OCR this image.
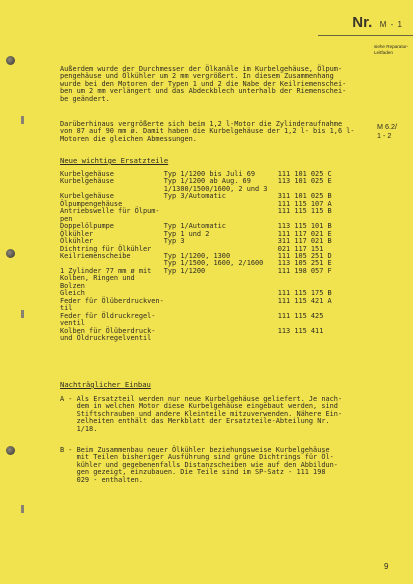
Nr. M - 1
siehe Reparatur-Leitfaden
M 6.2/
1 - 2
Außerdem wurde der Durchmesser der Ölkanäle im Kurbelgehäuse, Ölpum-
pengehäuse und Ölkühler um 2 mm vergrößert. In diesem Zusammenhang
wurde bei den Motoren der Typen 1 und 2 die Nabe der Keilriemenschei-
ben um 2 mm verlängert und das Abdeckblech unterhalb der Riemenschei-
be geändert.
Darüberhinaus vergrößerte sich beim 1,2 l-Motor die Zylinderaufnahme
von 87 auf 90 mm ø. Damit haben die Kurbelgehäuse der 1,2 l- bis 1,6 l-
Motoren die gleichen Abmessungen.
Neue wichtige Ersatzteile
Kurbelgehäuse	Typ 1/1200 bis Juli 69	111 101 025 C
Kurbelgehäuse	Typ 1/1200 ab Aug. 69
1/1300/1500/1600, 2 und 3	113 101 025 E
Kurbelgehäuse	Typ 3/Automatic	311 101 025 B
Ölpumpengehäuse		111 115 107 A
Antriebswelle für Ölpum-
pen		111 115 115 B
Doppelölpumpe	Typ 1/Automatic	113 115 101 B
Ölkühler	Typ 1 und 2	111 117 021 E
Ölkühler	Typ 3	311 117 021 B
Dichtring für Ölkühler		021 117 151
Keilriemenscheibe	Typ 1/1200, 1300	111 105 251 D
	Typ 1/1500, 1600, 2/1600	113 105 251 E
1 Zylinder 77 mm ø mit
Kolben, Ringen und
Bolzen	Typ 1/1200	111 198 057 F
Gleich		111 115 175 B
Feder für Ölüberdruckven-
til		111 115 421 A
Feder für Öldruckregel-
ventil		111 115 425
Kolben für Ölüberdruck-
und Öldruckregelventil		113 115 411
Nachträglicher Einbau
A - Als Ersatzteil werden nur neue Kurbelgehäuse geliefert. Je nach-
dem in welchen Motor diese Kurbelgehäuse eingebaut werden, sind
Stiftschrauben und andere Kleinteile mitzuverwenden. Nähere Ein-
zelheiten enthält das Merkblatt der Ersatzteile-Abteilung Nr.
1/18.
B - Beim Zusammenbau neuer Ölkühler beziehungsweise Kurbelgehäuse
mit Teilen bisheriger Ausführung sind grüne Dichtrings für Öl-
kühler und gegebenenfalls Distanzscheiben wie auf den Abbildun-
gen gezeigt, einzubauen. Die Teile sind im SP-Satz - 111 198
029 - enthalten.
9
